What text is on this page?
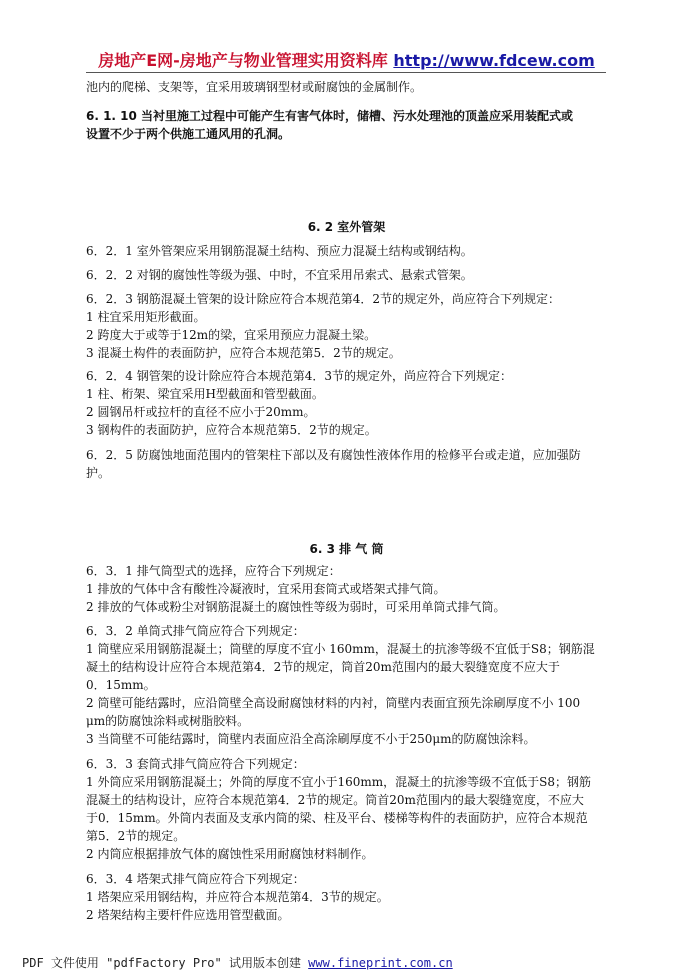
房地产E网-房地产与物业管理实用资料库 http://www.fdcew.com
池内的爬梯、支架等，宜采用玻璃钢型材或耐腐蚀的金属制作。
6. 1. 10 当衬里施工过程中可能产生有害气体时，储槽、污水处理池的顶盖应采用装配式或
设置不少于两个供施工通风用的孔洞。
6. 2 室外管架
6．2．1 室外管架应采用钢筋混凝土结构、预应力混凝土结构或钢结构。
6．2．2 对钢的腐蚀性等级为强、中时，不宜采用吊索式、悬索式管架。
6．2．3 钢筋混凝土管架的设计除应符合本规范第4．2节的规定外，尚应符合下列规定：
1 柱宜采用矩形截面。
2 跨度大于或等于12m的梁，宜采用预应力混凝土梁。
3 混凝土构件的表面防护，应符合本规范第5．2节的规定。
6．2．4 钢管架的设计除应符合本规范第4．3节的规定外，尚应符合下列规定：
1 柱、桁架、梁宜采用H型截面和管型截面。
2 圆钢吊杆或拉杆的直径不应小于20mm。
3 钢构件的表面防护，应符合本规范第5．2节的规定。
6．2．5 防腐蚀地面范围内的管架柱下部以及有腐蚀性液体作用的检修平台或走道，应加强防
护。
6. 3 排 气 筒
6．3．1 排气筒型式的选择，应符合下列规定：
1 排放的气体中含有酸性冷凝液时，宜采用套筒式或塔架式排气筒。
2 排放的气体或粉尘对钢筋混凝土的腐蚀性等级为弱时，可采用单筒式排气筒。
6．3．2 单筒式排气筒应符合下列规定：
1 筒壁应采用钢筋混凝土；筒壁的厚度不宜小 160mm，混凝土的抗渗等级不宜低于S8；钢筋混
凝土的结构设计应符合本规范第4．2节的规定，筒首20m范围内的最大裂缝宽度不应大于
0．15mm。
2 筒壁可能结露时，应沿筒壁全高设耐腐蚀材料的内衬，筒壁内表面宜预先涂刷厚度不小 100
μm的防腐蚀涂料或树脂胶料。
3 当筒壁不可能结露时，筒壁内表面应沿全高涂刷厚度不小于250μm的防腐蚀涂料。
6．3．3 套筒式排气筒应符合下列规定：
1 外筒应采用钢筋混凝土；外筒的厚度不宜小于160mm，混凝土的抗渗等级不宜低于S8；钢筋
混凝土的结构设计，应符合本规范第4．2节的规定。筒首20m范围内的最大裂缝宽度，不应大
于0．15mm。外筒内表面及支承内筒的梁、柱及平台、楼梯等构件的表面防护，应符合本规范
第5．2节的规定。
2 内筒应根据排放气体的腐蚀性采用耐腐蚀材料制作。
6．3．4 塔架式排气筒应符合下列规定：
1 塔架应采用钢结构，并应符合本规范第4．3节的规定。
2 塔架结构主要杆件应选用管型截面。
PDF 文件使用 "pdfFactory Pro" 试用版本创建 www.fineprint.com.cn
